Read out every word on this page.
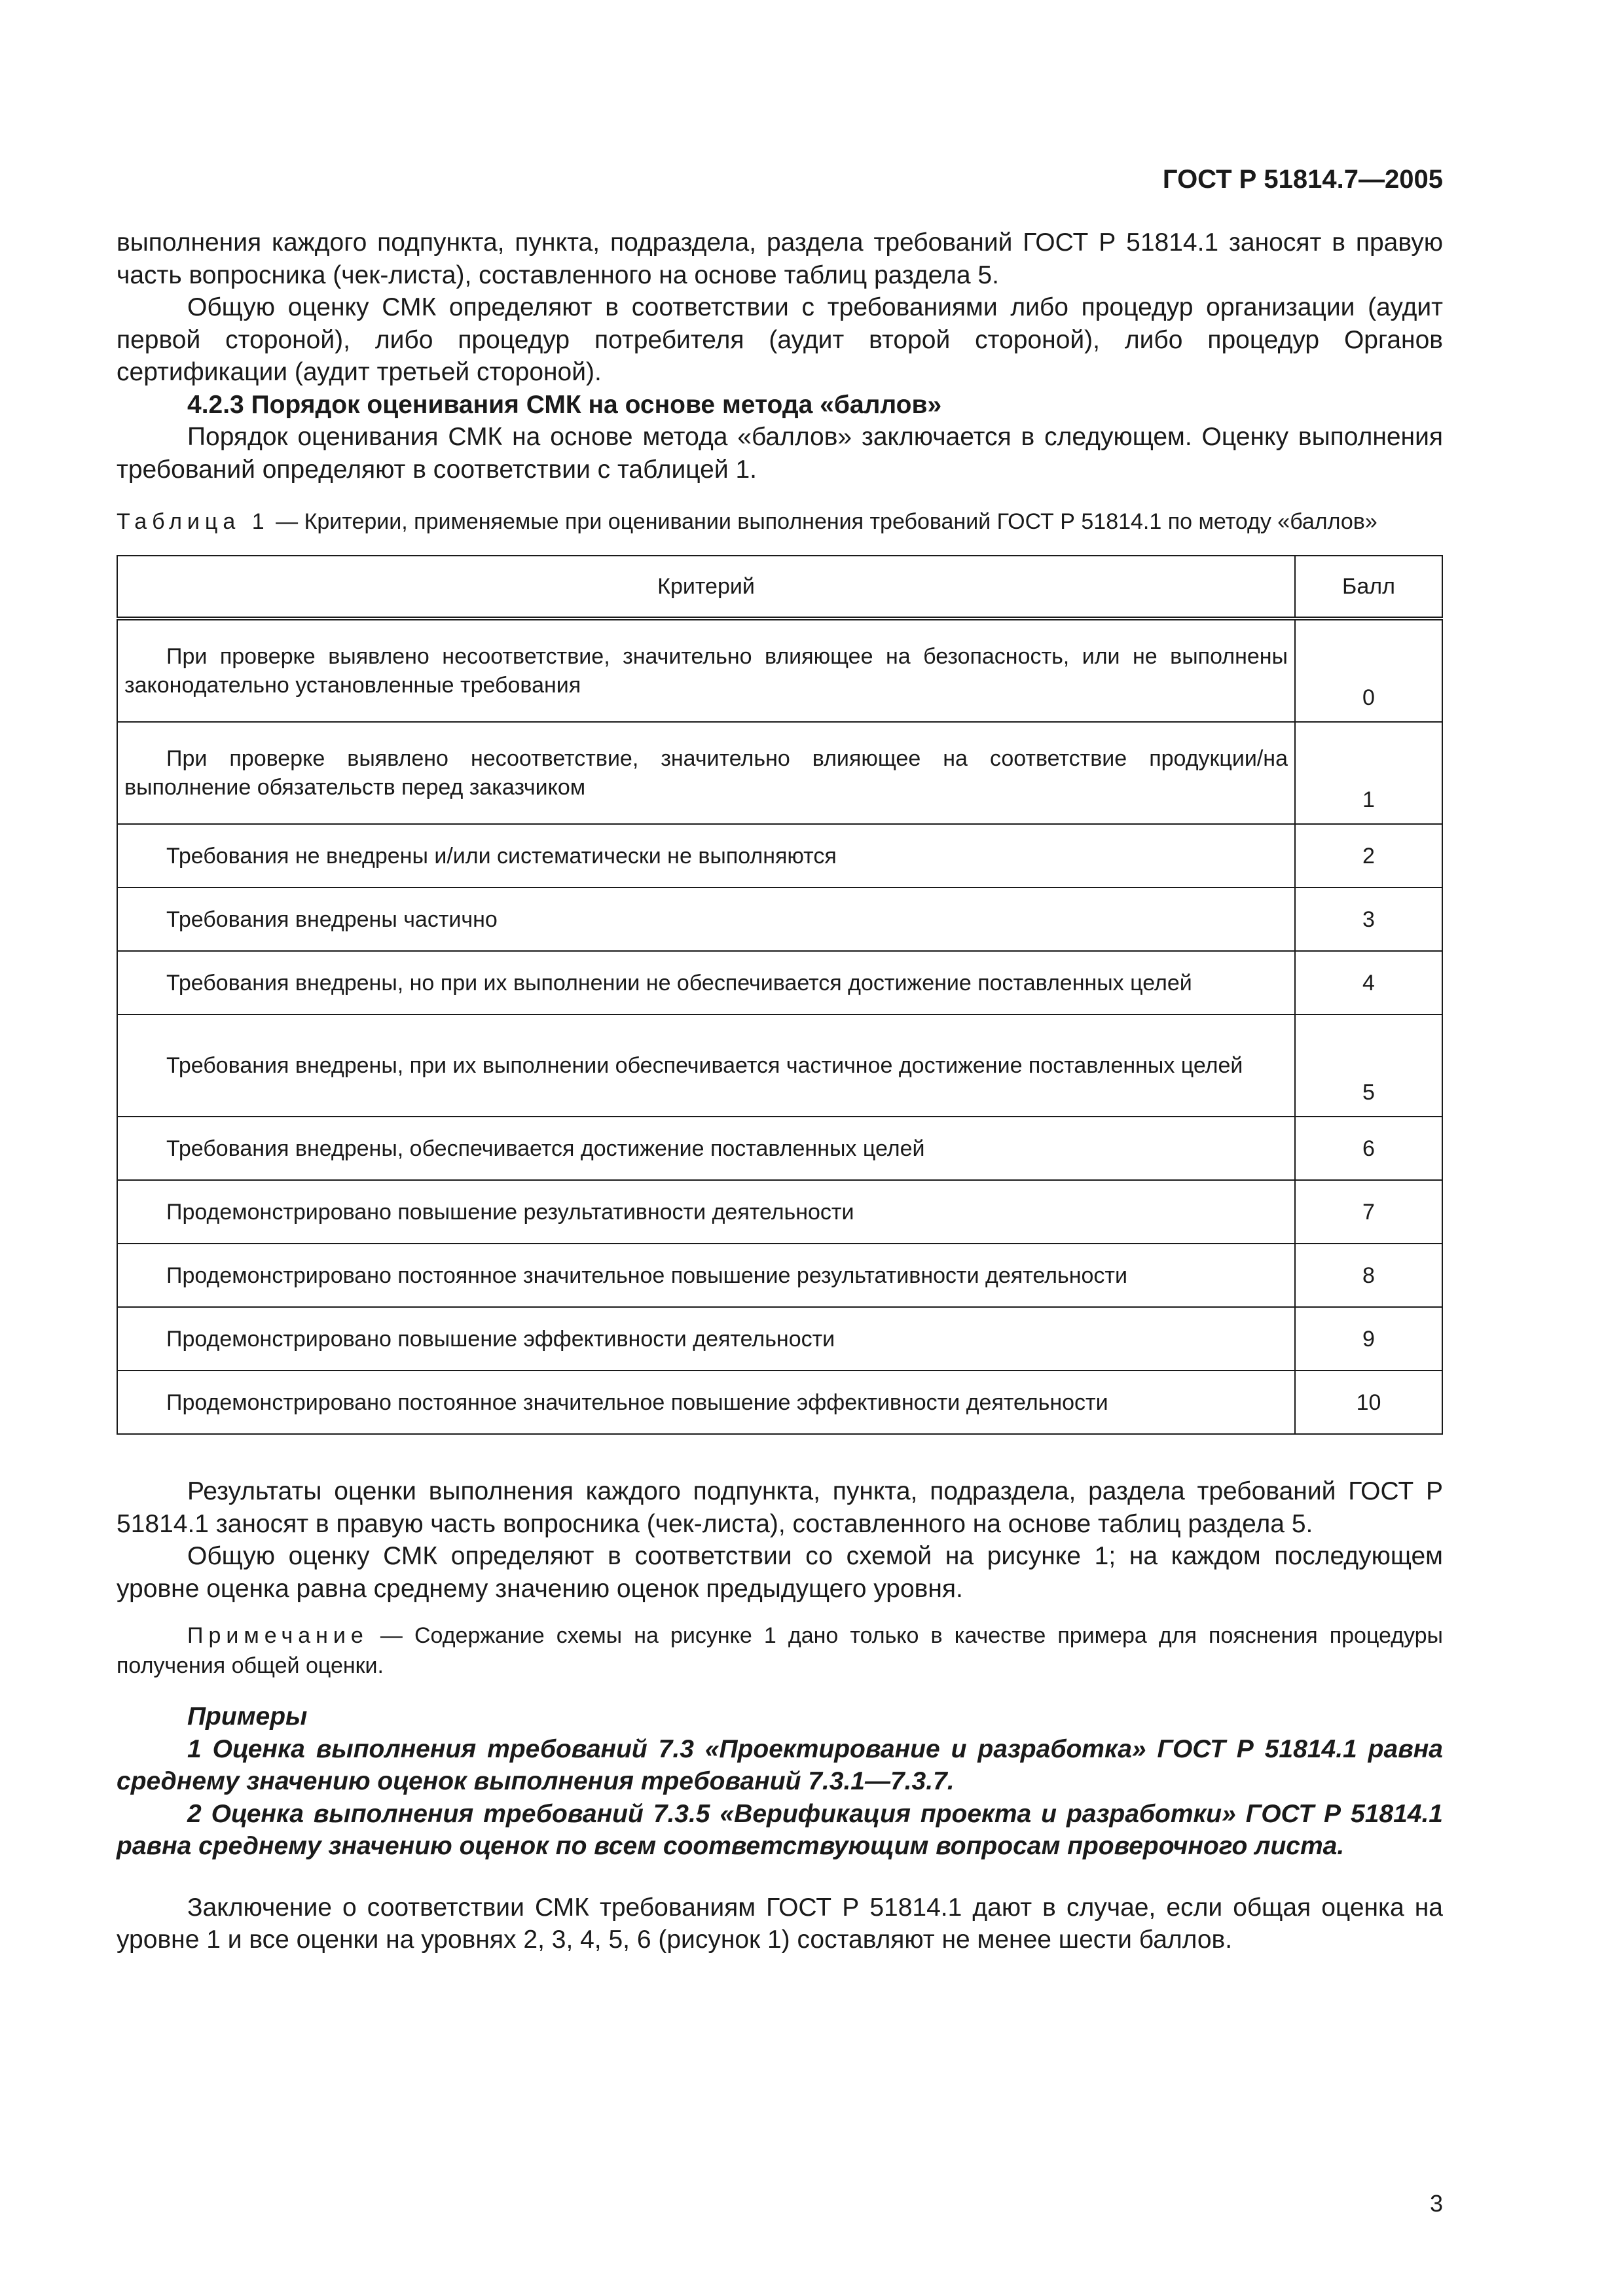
ГОСТ Р 51814.7—2005

выполнения каждого подпункта, пункта, подраздела, раздела требований ГОСТ Р 51814.1 заносят в правую часть вопросника (чек-листа), составленного на основе таблиц раздела 5.

Общую оценку СМК определяют в соответствии с требованиями либо процедур организации (аудит первой стороной), либо процедур потребителя (аудит второй стороной), либо процедур Органов сертификации (аудит третьей стороной).

4.2.3 Порядок оценивания СМК на основе метода «баллов»

Порядок оценивания СМК на основе метода «баллов» заключается в следующем. Оценку выполнения требований определяют в соответствии с таблицей 1.

Таблица 1 — Критерии, применяемые при оценивании выполнения требований ГОСТ Р 51814.1 по методу «баллов»
Критерий	Балл
При проверке выявлено несоответствие, значительно влияющее на безопасность, или не выполнены законодательно установленные требования	0
При проверке выявлено несоответствие, значительно влияющее на соответствие продукции/на выполнение обязательств перед заказчиком	1
Требования не внедрены и/или систематически не выполняются	2
Требования внедрены частично	3
Требования внедрены, но при их выполнении не обеспечивается достижение поставленных целей	4
Требования внедрены, при их выполнении обеспечивается частичное достижение поставленных целей	5
Требования внедрены, обеспечивается достижение поставленных целей	6
Продемонстрировано повышение результативности деятельности	7
Продемонстрировано постоянное значительное повышение результативности деятельности	8
Продемонстрировано повышение эффективности деятельности	9
Продемонстрировано постоянное значительное повышение эффективности деятельности	10

Результаты оценки выполнения каждого подпункта, пункта, подраздела, раздела требований ГОСТ Р 51814.1 заносят в правую часть вопросника (чек-листа), составленного на основе таблиц раздела 5.

Общую оценку СМК определяют в соответствии со схемой на рисунке 1; на каждом последующем уровне оценка равна среднему значению оценок предыдущего уровня.

Примечание — Содержание схемы на рисунке 1 дано только в качестве примера для пояснения процедуры получения общей оценки.

Примеры

1 Оценка выполнения требований 7.3 «Проектирование и разработка» ГОСТ Р 51814.1 равна среднему значению оценок выполнения требований 7.3.1—7.3.7.

2 Оценка выполнения требований 7.3.5 «Верификация проекта и разработки» ГОСТ Р 51814.1 равна среднему значению оценок по всем соответствующим вопросам проверочного листа.

Заключение о соответствии СМК требованиям ГОСТ Р 51814.1 дают в случае, если общая оценка на уровне 1 и все оценки на уровнях 2, 3, 4, 5, 6 (рисунок 1) составляют не менее шести баллов.

3
